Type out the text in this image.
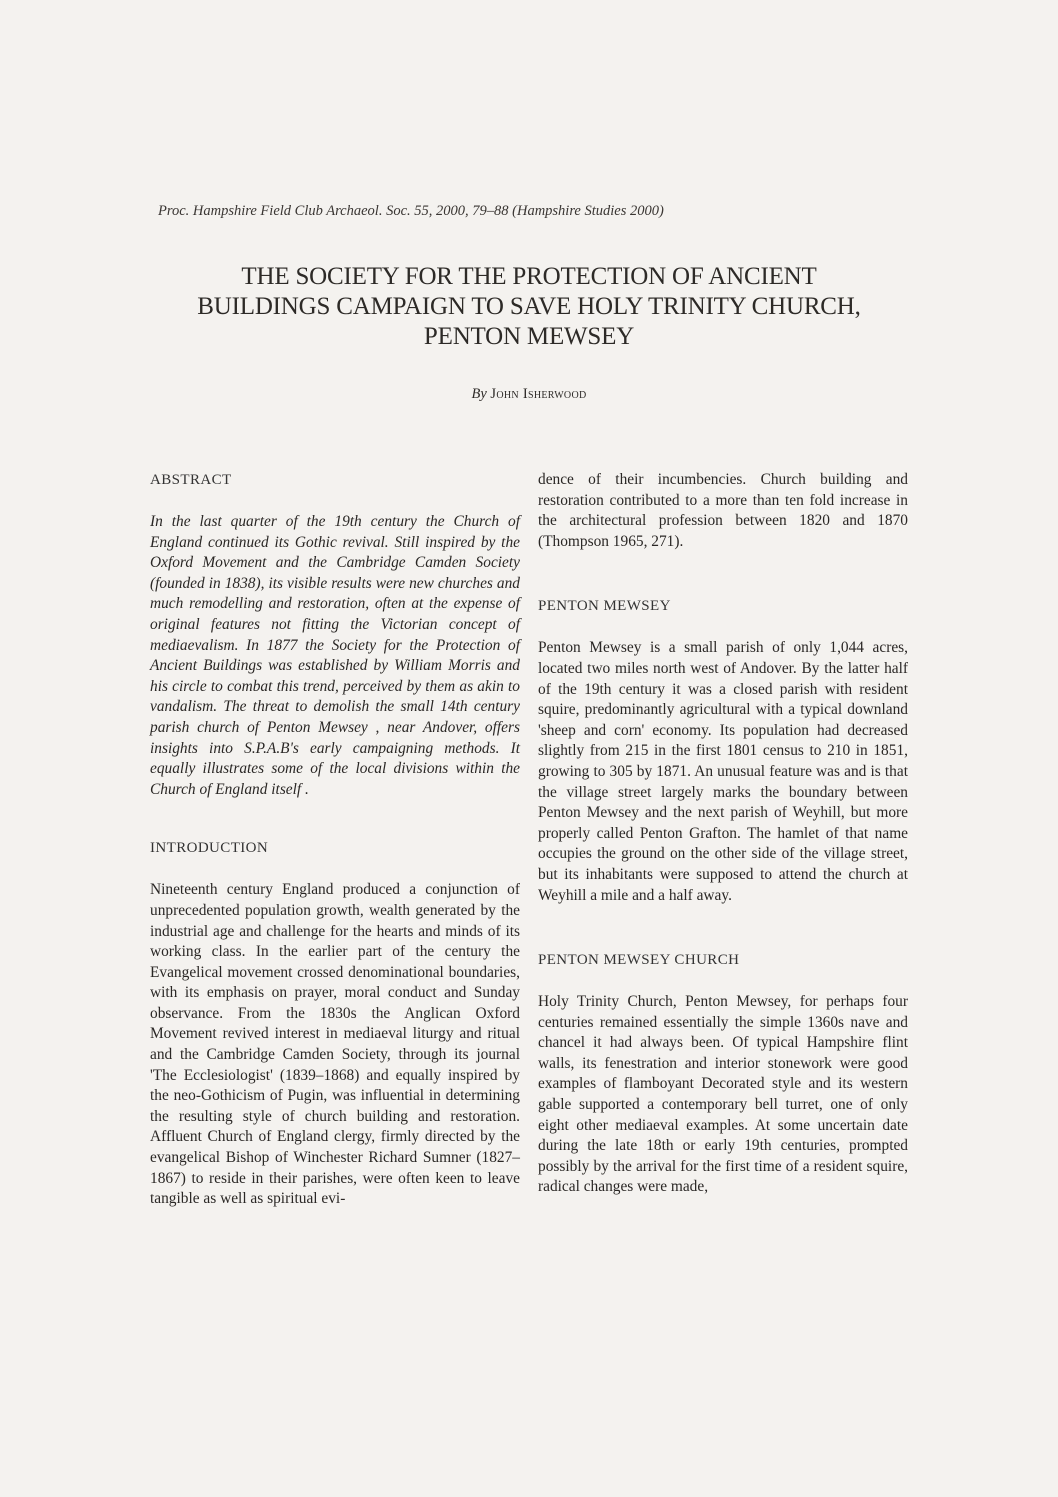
Proc. Hampshire Field Club Archaeol. Soc. 55, 2000, 79–88 (Hampshire Studies 2000)
THE SOCIETY FOR THE PROTECTION OF ANCIENT
BUILDINGS CAMPAIGN TO SAVE HOLY TRINITY CHURCH,
PENTON MEWSEY
By John Isherwood
ABSTRACT

In the last quarter of the 19th century the Church of England continued its Gothic revival. Still inspired by the Oxford Movement and the Cambridge Camden Society (founded in 1838), its visible results were new churches and much remodelling and restoration, often at the expense of original features not fitting the Victorian concept of mediaevalism. In 1877 the Society for the Protection of Ancient Buildings was established by William Morris and his circle to combat this trend, perceived by them as akin to vandalism. The threat to demolish the small 14th century parish church of Penton Mewsey , near Andover, offers insights into S.P.A.B's early campaigning methods. It equally illustrates some of the local divisions within the Church of England itself .

INTRODUCTION

Nineteenth century England produced a conjunction of unprecedented population growth, wealth generated by the industrial age and challenge for the hearts and minds of its working class. In the earlier part of the century the Evangelical movement crossed denominational boundaries, with its emphasis on prayer, moral conduct and Sunday observance. From the 1830s the Anglican Oxford Movement revived interest in mediaeval liturgy and ritual and the Cambridge Camden Society, through its journal 'The Ecclesiologist' (1839–1868) and equally inspired by the neo-Gothicism of Pugin, was influential in determining the resulting style of church building and restoration. Affluent Church of England clergy, firmly directed by the evangelical Bishop of Winchester Richard Sumner (1827–1867) to reside in their parishes, were often keen to leave tangible as well as spiritual evi-

dence of their incumbencies. Church building and restoration contributed to a more than ten fold increase in the architectural profession between 1820 and 1870 (Thompson 1965, 271).

PENTON MEWSEY

Penton Mewsey is a small parish of only 1,044 acres, located two miles north west of Andover. By the latter half of the 19th century it was a closed parish with resident squire, predominantly agricultural with a typical downland 'sheep and corn' economy. Its population had decreased slightly from 215 in the first 1801 census to 210 in 1851, growing to 305 by 1871. An unusual feature was and is that the village street largely marks the boundary between Penton Mewsey and the next parish of Weyhill, but more properly called Penton Grafton. The hamlet of that name occupies the ground on the other side of the village street, but its inhabitants were supposed to attend the church at Weyhill a mile and a half away.

PENTON MEWSEY CHURCH

Holy Trinity Church, Penton Mewsey, for perhaps four centuries remained essentially the simple 1360s nave and chancel it had always been. Of typical Hampshire flint walls, its fenestration and interior stonework were good examples of flamboyant Decorated style and its western gable supported a contemporary bell turret, one of only eight other mediaeval examples. At some uncertain date during the late 18th or early 19th centuries, prompted possibly by the arrival for the first time of a resident squire, radical changes were made,
